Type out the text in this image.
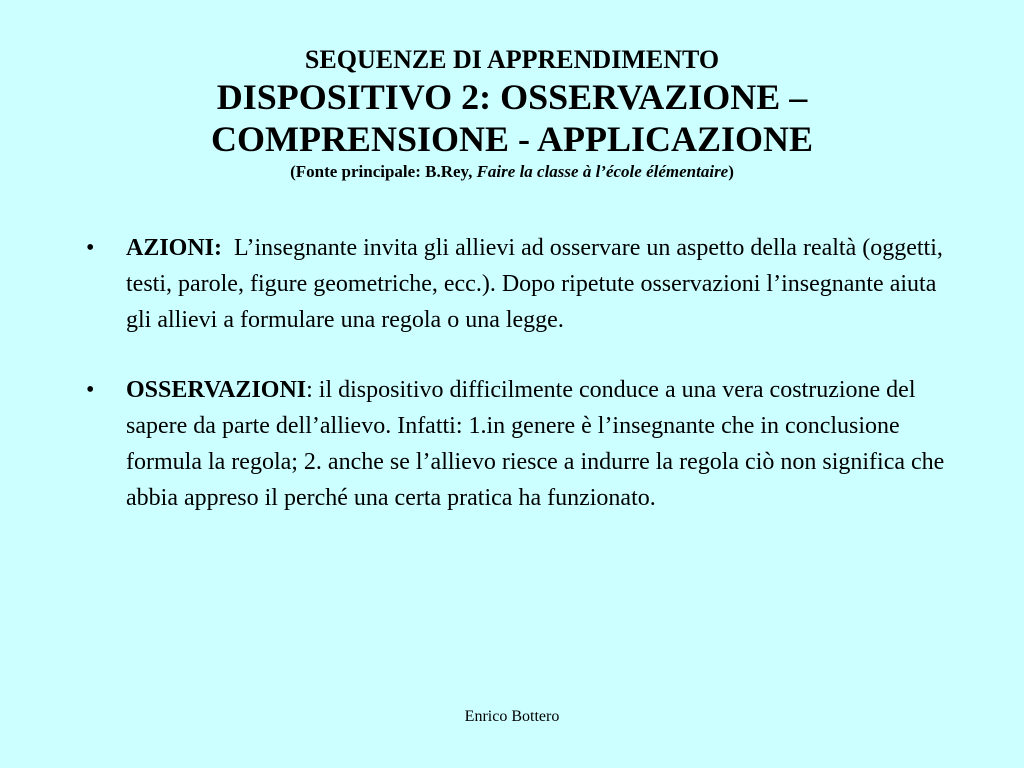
SEQUENZE DI APPRENDIMENTO
DISPOSITIVO 2: OSSERVAZIONE –
COMPRENSIONE - APPLICAZIONE
(Fonte principale: B.Rey, Faire la classe à l’école élémentaire)
• AZIONI: L’insegnante invita gli allievi ad osservare un aspetto della realtà (oggetti, testi, parole, figure geometriche, ecc.). Dopo ripetute osservazioni l’insegnante aiuta gli allievi a formulare una regola o una legge.
• OSSERVAZIONI: il dispositivo difficilmente conduce a una vera costruzione del sapere da parte dell’allievo. Infatti: 1.in genere è l’insegnante che in conclusione formula la regola; 2. anche se l’allievo riesce a indurre la regola ciò non significa che abbia appreso il perché una certa pratica ha funzionato.
Enrico Bottero
